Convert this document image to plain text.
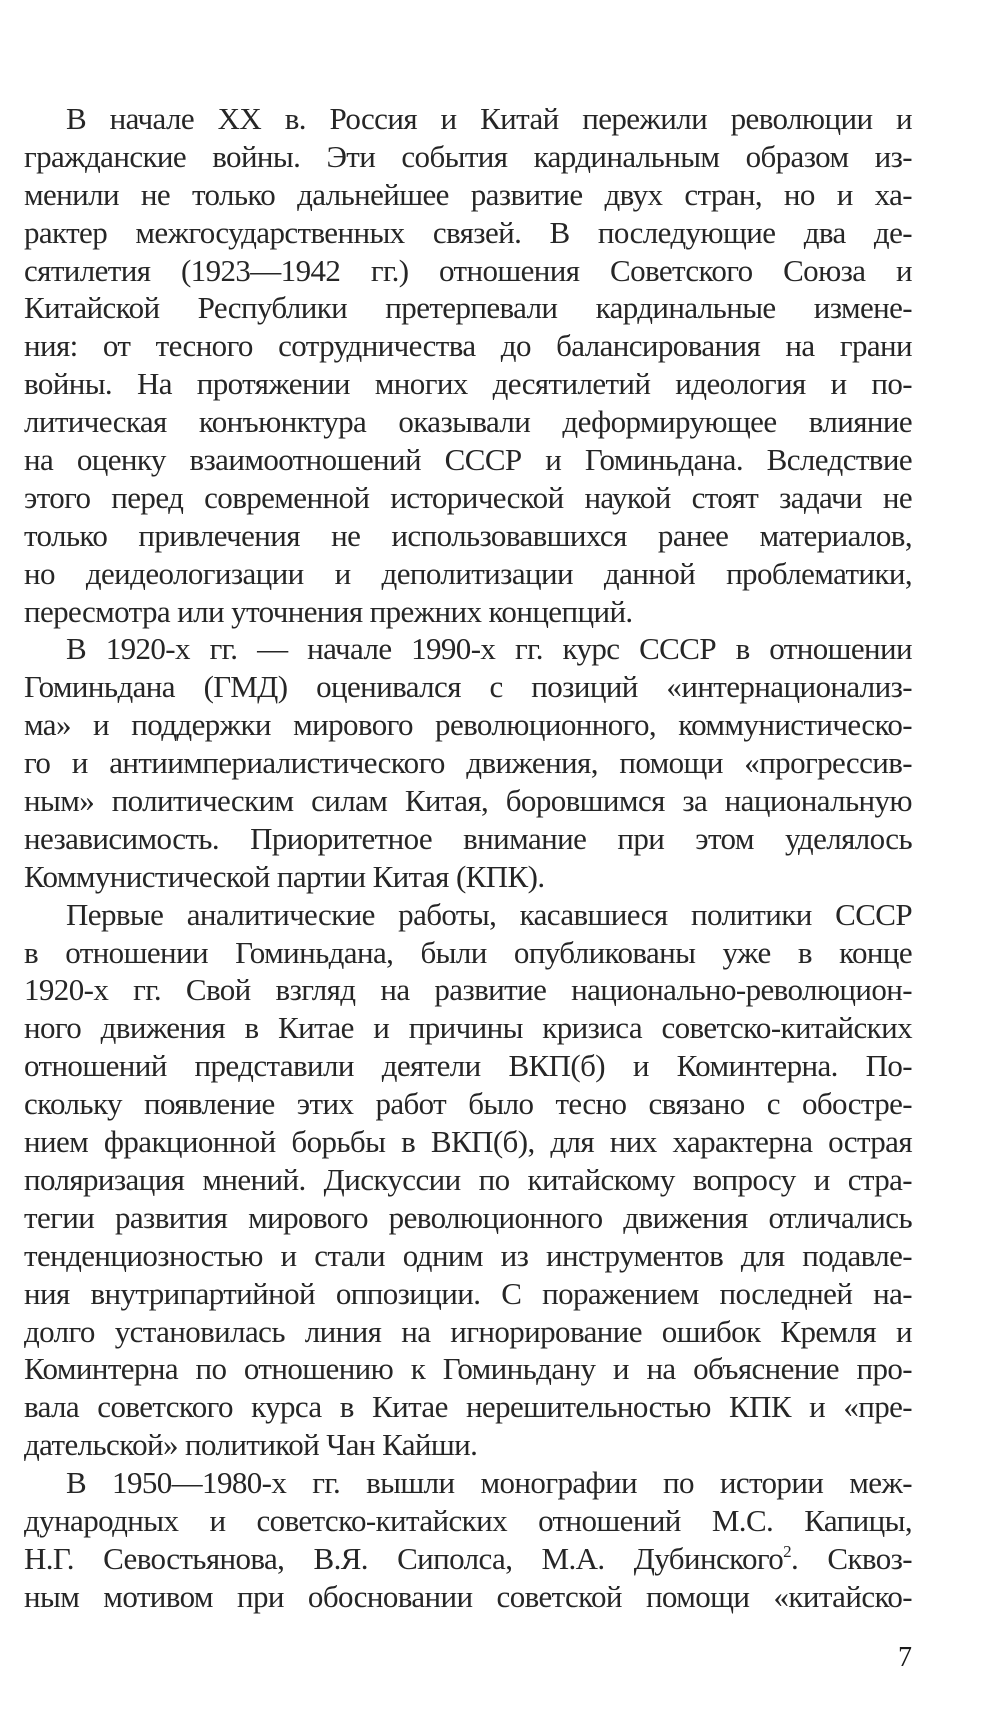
В начале XX в. Россия и Китай пережили революции и
гражданские войны. Эти события кардинальным образом из-
менили не только дальнейшее развитие двух стран, но и ха-
рактер межгосударственных связей. В последующие два де-
сятилетия (1923—1942 гг.) отношения Советского Союза и
Китайской Республики претерпевали кардинальные измене-
ния: от тесного сотрудничества до балансирования на грани
войны. На протяжении многих десятилетий идеология и по-
литическая конъюнктура оказывали деформирующее влияние
на оценку взаимоотношений СССР и Гоминьдана. Вследствие
этого перед современной исторической наукой стоят задачи не
только привлечения не использовавшихся ранее материалов,
но деидеологизации и деполитизации данной проблематики,
пересмотра или уточнения прежних концепций.
В 1920-х гг. — начале 1990-х гг. курс СССР в отношении
Гоминьдана (ГМД) оценивался с позиций «интернационализ-
ма» и поддержки мирового революционного, коммунистическо-
го и антиимпериалистического движения, помощи «прогрессив-
ным» политическим силам Китая, боровшимся за национальную
независимость. Приоритетное внимание при этом уделялось
Коммунистической партии Китая (КПК).
Первые аналитические работы, касавшиеся политики СССР
в отношении Гоминьдана, были опубликованы уже в конце
1920-х гг. Свой взгляд на развитие национально-революцион-
ного движения в Китае и причины кризиса советско-китайских
отношений представили деятели ВКП(б) и Коминтерна. По-
скольку появление этих работ было тесно связано с обостре-
нием фракционной борьбы в ВКП(б), для них характерна острая
поляризация мнений. Дискуссии по китайскому вопросу и стра-
тегии развития мирового революционного движения отличались
тенденциозностью и стали одним из инструментов для подавле-
ния внутрипартийной оппозиции. С поражением последней на-
долго установилась линия на игнорирование ошибок Кремля и
Коминтерна по отношению к Гоминьдану и на объяснение про-
вала советского курса в Китае нерешительностью КПК и «пре-
дательской» политикой Чан Кайши.
В 1950—1980-х гг. вышли монографии по истории меж-
дународных и советско-китайских отношений М.С. Капицы,
Н.Г. Севостьянова, В.Я. Сиполса, М.А. Дубинского$^2$. Сквоз-
ным мотивом при обосновании советской помощи «китайско-
7
